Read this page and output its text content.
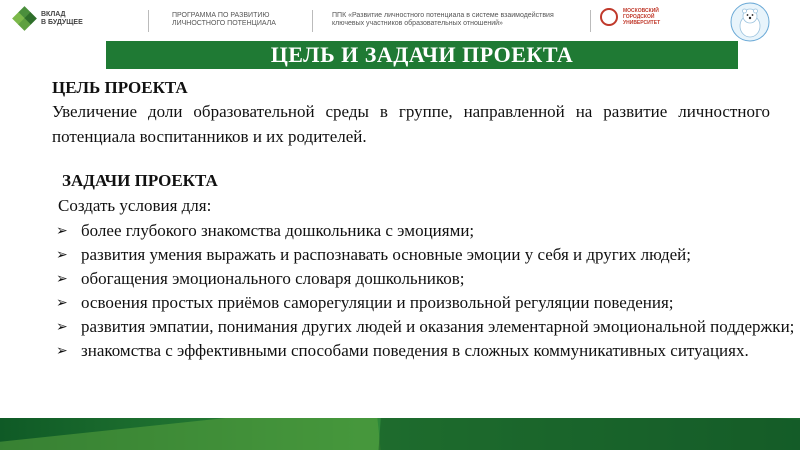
ВКЛАД
В БУДУЩЕЕ
ПРОГРАММА ПО РАЗВИТИЮ
ЛИЧНОСТНОГО ПОТЕНЦИАЛА
ППК «Развитие личностного потенциала в системе взаимодействия
ключевых участников образовательных отношений»
МОСКОВСКИЙ
ГОРОДСКОЙ
УНИВЕРСИТЕТ
ЦЕЛЬ И ЗАДАЧИ ПРОЕКТА
ЦЕЛЬ ПРОЕКТА
Увеличение доли образовательной среды в группе, направленной на развитие личностного потенциала воспитанников и их родителей.
ЗАДАЧИ ПРОЕКТА
Создать условия для:
➢ более глубокого знакомства дошкольника с эмоциями;
➢ развития умения выражать и распознавать основные эмоции у себя и других людей;
➢ обогащения эмоционального словаря дошкольников;
➢ освоения простых приёмов саморегуляции и произвольной регуляции поведения;
➢ развития эмпатии, понимания других людей и оказания элементарной эмоциональной поддержки;
➢ знакомства с эффективными способами поведения в сложных коммуникативных ситуациях.
